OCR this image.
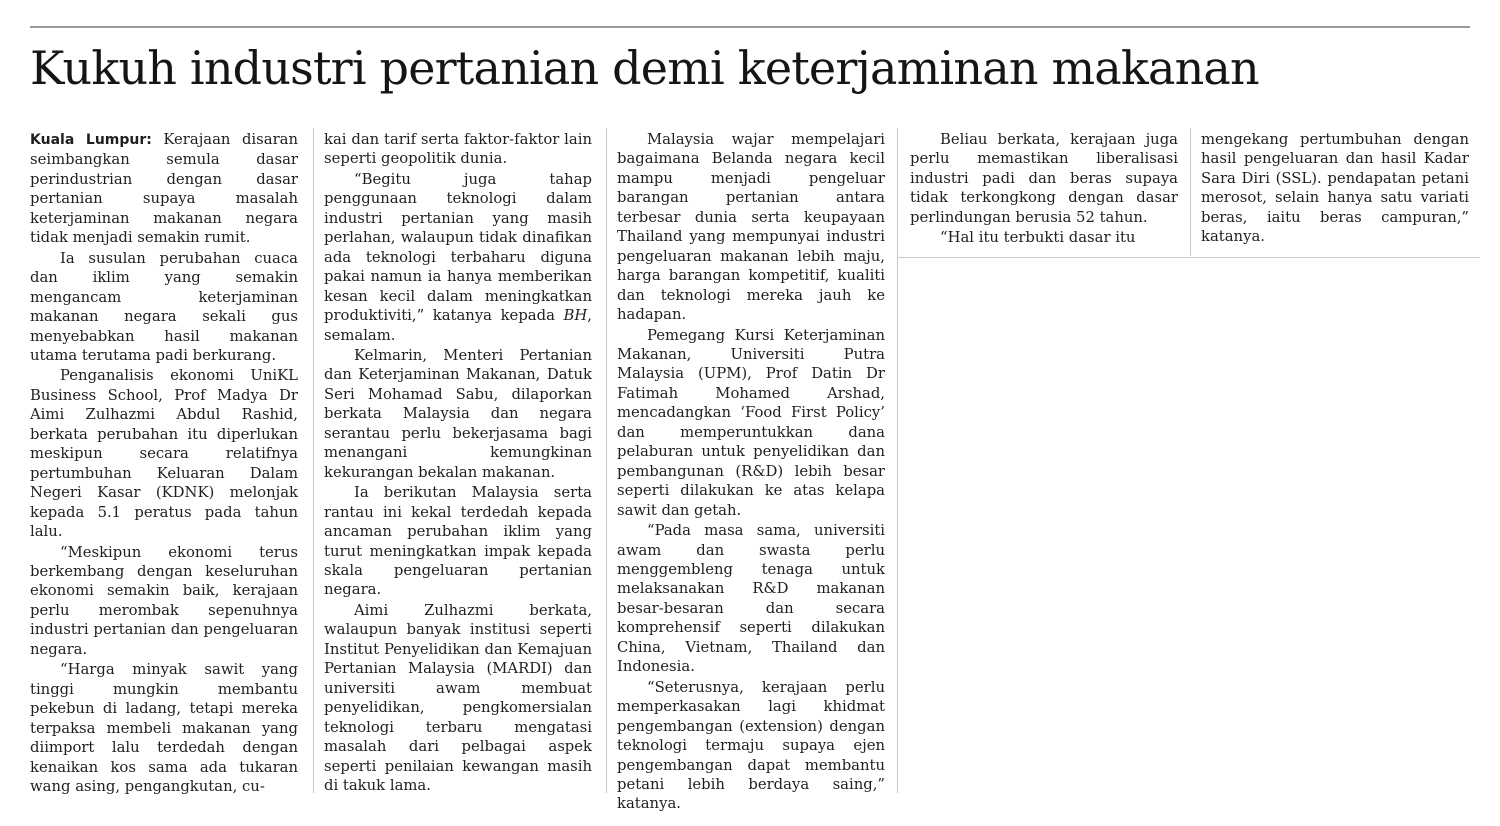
Kukuh industri pertanian demi keterjaminan makanan

Kuala Lumpur: Kerajaan disaran seimbangkan semula dasar perindustrian dengan dasar pertanian supaya masalah keterjaminan makanan negara tidak menjadi semakin rumit.

Ia susulan perubahan cuaca dan iklim yang semakin mengancam keterjaminan makanan negara sekali gus menyebabkan hasil makanan utama terutama padi berkurang.

Penganalisis ekonomi UniKL Business School, Prof Madya Dr Aimi Zulhazmi Abdul Rashid, berkata perubahan itu diperlukan meskipun secara relatifnya pertumbuhan Keluaran Dalam Negeri Kasar (KDNK) melonjak kepada 5.1 peratus pada tahun lalu.

“Meskipun ekonomi terus berkembang dengan keseluruhan ekonomi semakin baik, kerajaan perlu merombak sepenuhnya industri pertanian dan pengeluaran negara.

“Harga minyak sawit yang tinggi mungkin membantu pekebun di ladang, tetapi mereka terpaksa membeli makanan yang diimport lalu terdedah dengan kenaikan kos sama ada tukaran wang asing, pengangkutan, cu-

kai dan tarif serta faktor-faktor lain seperti geopolitik dunia.

“Begitu juga tahap penggunaan teknologi dalam industri pertanian yang masih perlahan, walaupun tidak dinafikan ada teknologi terbaharu diguna pakai namun ia hanya memberikan kesan kecil dalam meningkatkan produktiviti,” katanya kepada BH, semalam.

Kelmarin, Menteri Pertanian dan Keterjaminan Makanan, Datuk Seri Mohamad Sabu, dilaporkan berkata Malaysia dan negara serantau perlu bekerjasama bagi menangani kemungkinan kekurangan bekalan makanan.

Ia berikutan Malaysia serta rantau ini kekal terdedah kepada ancaman perubahan iklim yang turut meningkatkan impak kepada skala pengeluaran pertanian negara.

Aimi Zulhazmi berkata, walaupun banyak institusi seperti Institut Penyelidikan dan Kemajuan Pertanian Malaysia (MARDI) dan universiti awam membuat penyelidikan, pengkomersialan teknologi terbaru mengatasi masalah dari pelbagai aspek seperti penilaian kewangan masih di takuk lama.

Malaysia wajar mempelajari bagaimana Belanda negara kecil mampu menjadi pengeluar barangan pertanian antara terbesar dunia serta keupayaan Thailand yang mempunyai industri pengeluaran makanan lebih maju, harga barangan kompetitif, kualiti dan teknologi mereka jauh ke hadapan.

Pemegang Kursi Keterjaminan Makanan, Universiti Putra Malaysia (UPM), Prof Datin Dr Fatimah Mohamed Arshad, mencadangkan ‘Food First Policy’ dan memperuntukkan dana pelaburan untuk penyelidikan dan pembangunan (R&D) lebih besar seperti dilakukan ke atas kelapa sawit dan getah.

“Pada masa sama, universiti awam dan swasta perlu menggembleng tenaga untuk melaksanakan R&D makanan besar-besaran dan secara komprehensif seperti dilakukan China, Vietnam, Thailand dan Indonesia.

“Seterusnya, kerajaan perlu memperkasakan lagi khidmat pengembangan (extension) dengan teknologi termaju supaya ejen pengembangan dapat membantu petani lebih berdaya saing,” katanya.

Beliau berkata, kerajaan juga perlu memastikan liberalisasi industri padi dan beras supaya tidak terkongkong dengan dasar perlindungan berusia 52 tahun.

“Hal itu terbukti dasar itu

mengekang pertumbuhan dengan hasil pengeluaran dan hasil Kadar Sara Diri (SSL). pendapatan petani merosot, selain hanya satu variati beras, iaitu beras campuran,” katanya.
